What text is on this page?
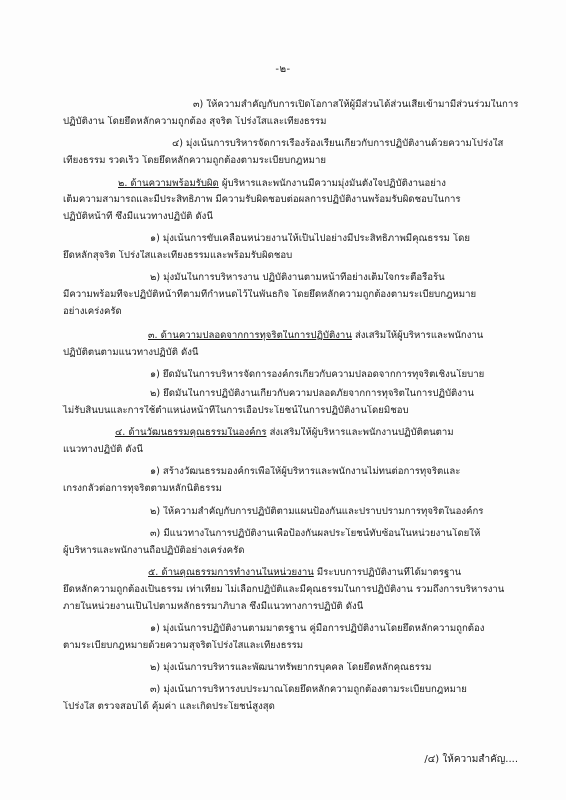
-๒-
๓) ให้ความสำคัญกับการเปิดโอกาสให้ผู้มีส่วนได้ส่วนเสียเข้ามามีส่วนร่วมในการ
ปฏิบัติงาน โดยยึดหลักความถูกต้อง สุจริต โปร่งใสและเที่ยงธรรม
๔) มุ่งเน้นการบริหารจัดการเรื่องร้องเรียนเกี่ยวกับการปฏิบัติงานด้วยความโปร่งใส
เที่ยงธรรม รวดเร็ว โดยยึดหลักความถูกต้องตามระเบียบกฎหมาย
๒. ด้านความพร้อมรับผิด ผู้บริหารและพนักงานมีความมุ่งมั่นตั้งใจปฏิบัติงานอย่าง
เต็มความสามารถและมีประสิทธิภาพ มีความรับผิดชอบต่อผลการปฏิบัติงานพร้อมรับผิดชอบในการ
ปฏิบัติหน้าที่ ซึ่งมีแนวทางปฏิบัติ ดังนี้
๑) มุ่งเน้นการขับเคลื่อนหน่วยงานให้เป็นไปอย่างมีประสิทธิภาพมีคุณธรรม โดย
ยึดหลักสุจริต โปร่งใสและเที่ยงธรรมและพร้อมรับผิดชอบ
๒) มุ่งมั่นในการบริหารงาน ปฏิบัติงานตามหน้าที่อย่างเต็มใจกระตือรือร้น
มีความพร้อมที่จะปฏิบัติหน้าที่ตามที่กำหนดไว้ในพันธกิจ โดยยึดหลักความถูกต้องตามระเบียบกฎหมาย
อย่างเคร่งครัด
๓. ด้านความปลอดจากการทุจริตในการปฏิบัติงาน ส่งเสริมให้ผู้บริหารและพนักงาน
ปฏิบัติตนตามแนวทางปฏิบัติ ดังนี้
๑) ยึดมั่นในการบริหารจัดการองค์กรเกี่ยวกับความปลอดจากการทุจริตเชิงนโยบาย
๒) ยึดมั่นในการปฏิบัติงานเกี่ยวกับความปลอดภัยจากการทุจริตในการปฏิบัติงาน
ไม่รับสินบนและการใช้ตำแหน่งหน้าที่ในการเอื้อประโยชน์ในการปฏิบัติงานโดยมิชอบ
๔. ด้านวัฒนธรรมคุณธรรมในองค์กร ส่งเสริมให้ผู้บริหารและพนักงานปฏิบัติตนตาม
แนวทางปฏิบัติ ดังนี้
๑) สร้างวัฒนธรรมองค์กรเพื่อให้ผู้บริหารและพนักงานไม่ทนต่อการทุจริตและ
เกรงกลัวต่อการทุจริตตามหลักนิติธรรม
๒) ให้ความสำคัญกับการปฏิบัติตามแผนป้องกันและปราบปรามการทุจริตในองค์กร
๓) มีแนวทางในการปฏิบัติงานเพื่อป้องกันผลประโยชน์ทับซ้อนในหน่วยงานโดยให้
ผู้บริหารและพนักงานถือปฏิบัติอย่างเคร่งครัด
๕. ด้านคุณธรรมการทำงานในหน่วยงาน มีระบบการปฏิบัติงานที่ได้มาตรฐาน
ยึดหลักความถูกต้องเป็นธรรม เท่าเทียม ไม่เลือกปฏิบัติและมีคุณธรรมในการปฏิบัติงาน รวมถึงการบริหารงาน
ภายในหน่วยงานเป็นไปตามหลักธรรมาภิบาล ซึ่งมีแนวทางการปฏิบัติ ดังนี้
๑) มุ่งเน้นการปฏิบัติงานตามมาตรฐาน คู่มือการปฏิบัติงานโดยยึดหลักความถูกต้อง
ตามระเบียบกฎหมายด้วยความสุจริตโปร่งใสและเที่ยงธรรม
๒) มุ่งเน้นการบริหารและพัฒนาทรัพยากรบุคคล โดยยึดหลักคุณธรรม
๓) มุ่งเน้นการบริหารงบประมาณโดยยึดหลักความถูกต้องตามระเบียบกฎหมาย
โปร่งใส ตรวจสอบได้ คุ้มค่า และเกิดประโยชน์สูงสุด
/๔) ให้ความสำคัญ....
